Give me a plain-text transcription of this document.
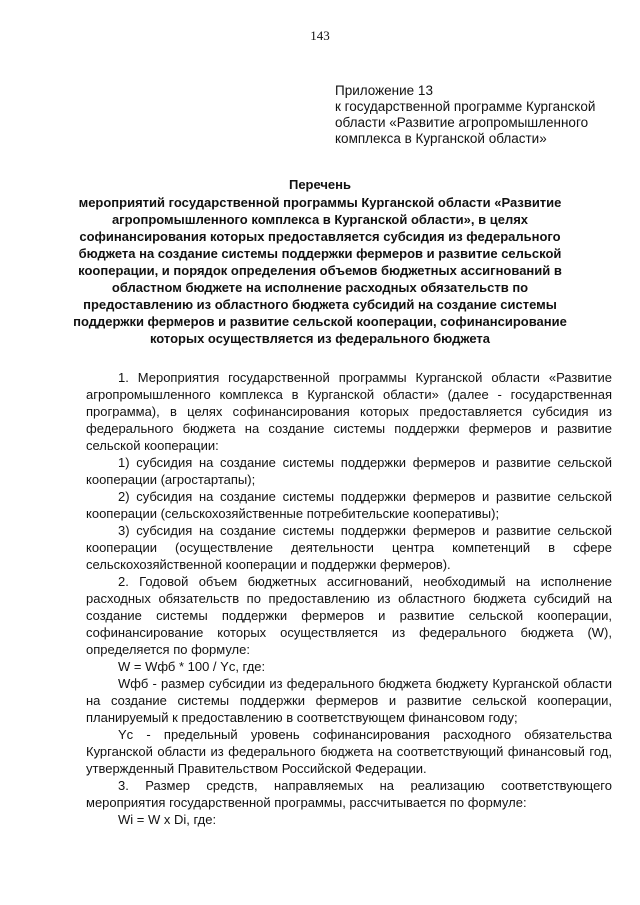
143
Приложение 13
к государственной программе Курганской
области «Развитие агропромышленного
комплекса в Курганской области»
Перечень
мероприятий государственной программы Курганской области «Развитие агропромышленного комплекса в Курганской области», в целях софинансирования которых предоставляется субсидия из федерального бюджета на создание системы поддержки фермеров и развитие сельской кооперации, и порядок определения объемов бюджетных ассигнований в областном бюджете на исполнение расходных обязательств по предоставлению из областного бюджета субсидий на создание системы поддержки фермеров и развитие сельской кооперации, софинансирование которых осуществляется из федерального бюджета

1. Мероприятия государственной программы Курганской области «Развитие агропромышленного комплекса в Курганской области» (далее - государственная программа), в целях софинансирования которых предоставляется субсидия из федерального бюджета на создание системы поддержки фермеров и развитие сельской кооперации:

1) субсидия на создание системы поддержки фермеров и развитие сельской кооперации (агростартапы);

2) субсидия на создание системы поддержки фермеров и развитие сельской кооперации (сельскохозяйственные потребительские кооперативы);

3) субсидия на создание системы поддержки фермеров и развитие сельской кооперации (осуществление деятельности центра компетенций в сфере сельскохозяйственной кооперации и поддержки фермеров).

2. Годовой объем бюджетных ассигнований, необходимый на исполнение расходных обязательств по предоставлению из областного бюджета субсидий на создание системы поддержки фермеров и развитие сельской кооперации, софинансирование которых осуществляется из федерального бюджета (W), определяется по формуле:

W = Wфб * 100 / Yc, где:

Wфб - размер субсидии из федерального бюджета бюджету Курганской области на создание системы поддержки фермеров и развитие сельской кооперации, планируемый к предоставлению в соответствующем финансовом году;

Yc - предельный уровень софинансирования расходного обязательства Курганской области из федерального бюджета на соответствующий финансовый год, утвержденный Правительством Российской Федерации.

3. Размер средств, направляемых на реализацию соответствующего мероприятия государственной программы, рассчитывается по формуле:

Wi = W x Di, где:
